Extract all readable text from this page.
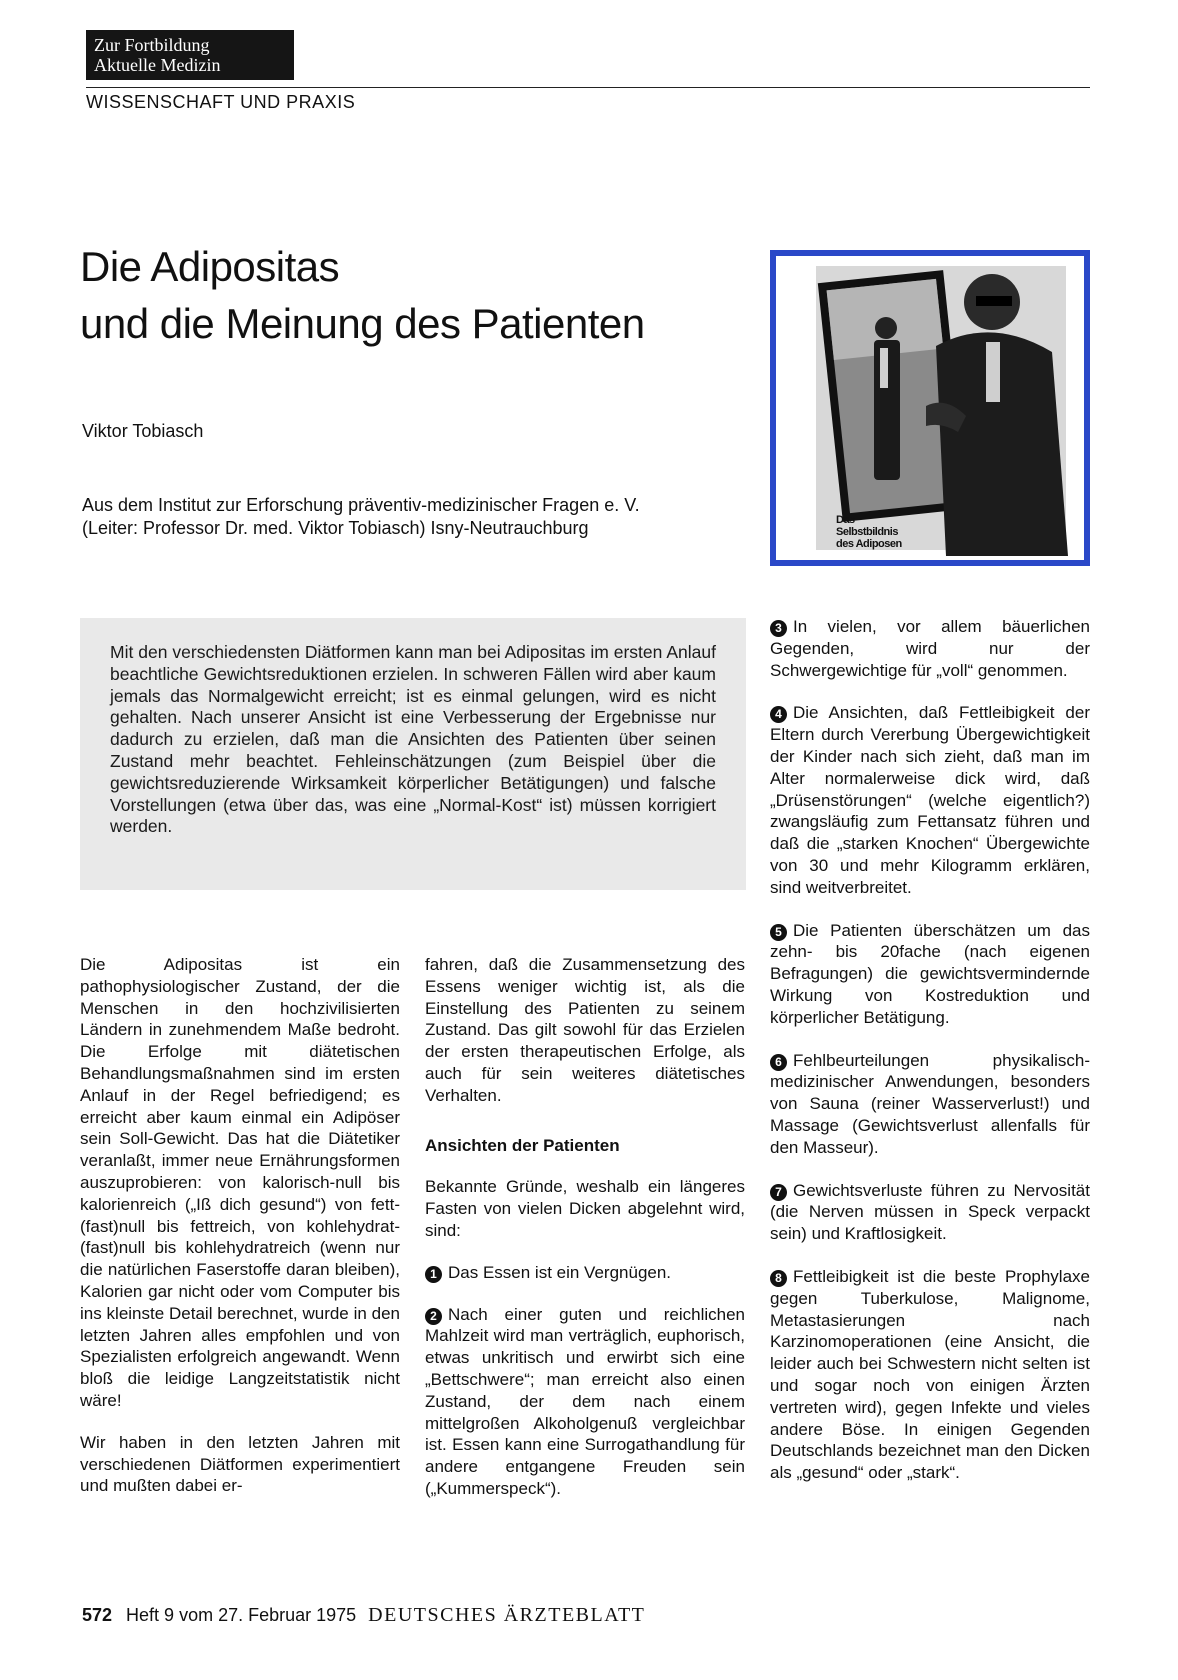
Zur Fortbildung
Aktuelle Medizin
WISSENSCHAFT UND PRAXIS
Die Adipositas
und die Meinung des Patienten
Viktor Tobiasch
Aus dem Institut zur Erforschung präventiv-medizinischer Fragen e. V.
(Leiter: Professor Dr. med. Viktor Tobiasch) Isny-Neutrauchburg	Das Selbstbildnis
des Adiposen

Mit den verschiedensten Diätformen kann man bei Adipositas im ersten Anlauf beachtliche Gewichtsreduktionen erzielen. In schweren Fällen wird aber kaum jemals das Normalgewicht erreicht; ist es einmal gelungen, wird es nicht gehalten. Nach unserer Ansicht ist eine Verbesserung der Ergebnisse nur dadurch zu erzielen, daß man die Ansichten des Patienten über seinen Zustand mehr beachtet. Fehleinschätzungen (zum Beispiel über die gewichtsreduzierende Wirksamkeit körperlicher Betätigungen) und falsche Vorstellungen (etwa über das, was eine „Normal-Kost“ ist) müssen korrigiert werden.

Die Adipositas ist ein pathophysiologischer Zustand, der die Menschen in den hochzivilisierten Ländern in zunehmendem Maße bedroht. Die Erfolge mit diätetischen Behandlungsmaßnahmen sind im ersten Anlauf in der Regel befriedigend; es erreicht aber kaum einmal ein Adipöser sein Soll-Gewicht. Das hat die Diätetiker veranlaßt, immer neue Ernährungsformen auszuprobieren: von kalorisch-null bis kalorienreich („Iß dich gesund“) von fett-(fast)null bis fettreich, von kohlehydrat-(fast)null bis kohlehydratreich (wenn nur die natürlichen Faserstoffe daran bleiben), Kalorien gar nicht oder vom Computer bis ins kleinste Detail berechnet, wurde in den letzten Jahren alles empfohlen und von Spezialisten erfolgreich angewandt. Wenn bloß die leidige Langzeitstatistik nicht wäre!

Wir haben in den letzten Jahren mit verschiedenen Diätformen experimentiert und mußten dabei er-

fahren, daß die Zusammensetzung des Essens weniger wichtig ist, als die Einstellung des Patienten zu seinem Zustand. Das gilt sowohl für das Erzielen der ersten therapeutischen Erfolge, als auch für sein weiteres diätetisches Verhalten.

Ansichten der Patienten

Bekannte Gründe, weshalb ein längeres Fasten von vielen Dicken abgelehnt wird, sind:

1 Das Essen ist ein Vergnügen.

2 Nach einer guten und reichlichen Mahlzeit wird man verträglich, euphorisch, etwas unkritisch und erwirbt sich eine „Bettschwere“; man erreicht also einen Zustand, der dem nach einem mittelgroßen Alkoholgenuß vergleichbar ist. Essen kann eine Surrogathandlung für andere entgangene Freuden sein („Kummerspeck“).

3 In vielen, vor allem bäuerlichen Gegenden, wird nur der Schwergewichtige für „voll“ genommen.

4 Die Ansichten, daß Fettleibigkeit der Eltern durch Vererbung Übergewichtigkeit der Kinder nach sich zieht, daß man im Alter normalerweise dick wird, daß „Drüsenstörungen“ (welche eigentlich?) zwangsläufig zum Fettansatz führen und daß die „starken Knochen“ Übergewichte von 30 und mehr Kilogramm erklären, sind weitverbreitet.

5 Die Patienten überschätzen um das zehn- bis 20fache (nach eigenen Befragungen) die gewichtsvermindernde Wirkung von Kostreduktion und körperlicher Betätigung.

6 Fehlbeurteilungen physikalisch-medizinischer Anwendungen, besonders von Sauna (reiner Wasserverlust!) und Massage (Gewichtsverlust allenfalls für den Masseur).

7 Gewichtsverluste führen zu Nervosität (die Nerven müssen in Speck verpackt sein) und Kraftlosigkeit.

8 Fettleibigkeit ist die beste Prophylaxe gegen Tuberkulose, Malignome, Metastasierungen nach Karzinomoperationen (eine Ansicht, die leider auch bei Schwestern nicht selten ist und sogar noch von einigen Ärzten vertreten wird), gegen Infekte und vieles andere Böse. In einigen Gegenden Deutschlands bezeichnet man den Dicken als „gesund“ oder „stark“.

572 Heft 9 vom 27. Februar 1975 DEUTSCHES ÄRZTEBLATT
